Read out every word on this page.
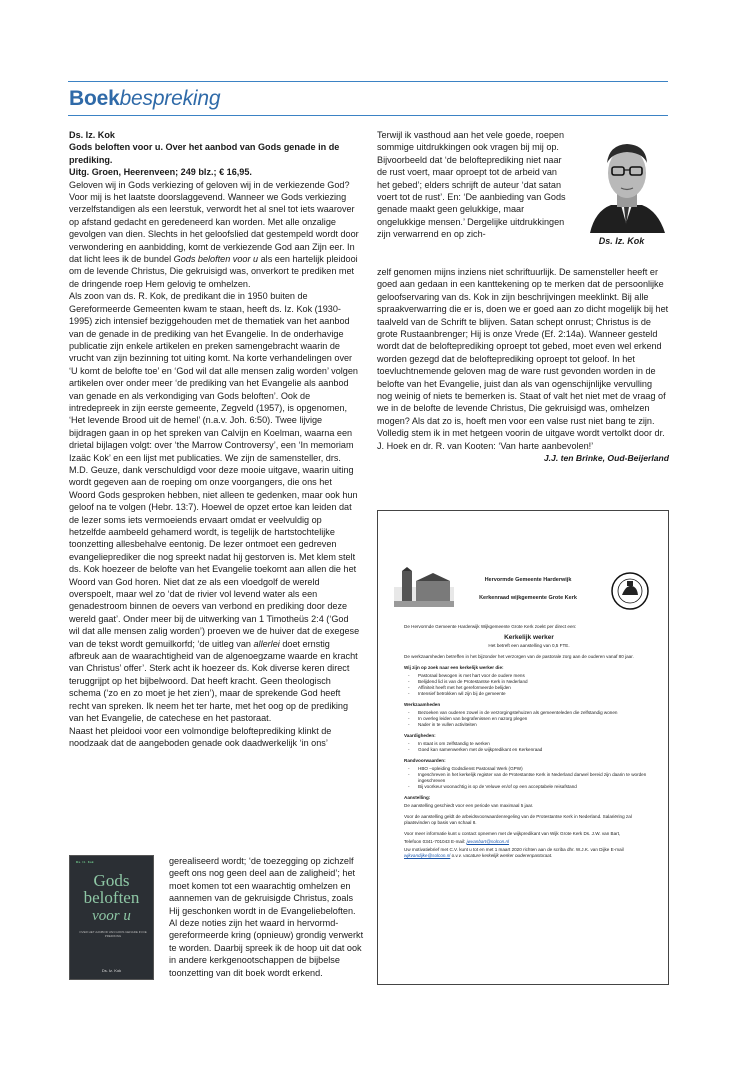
Boekbespreking

Ds. Iz. Kok

Gods beloften voor u. Over het aanbod van Gods genade in de prediking.

Uitg. Groen, Heerenveen; 249 blz.; € 16,95.

Geloven wij in Gods verkiezing of geloven wij in de verkiezende God? Voor mij is het laatste doorslaggevend. Wanneer we Gods verkiezing verzelfstandigen als een leerstuk, verwordt het al snel tot iets waarover op afstand gedacht en geredeneerd kan worden. Met alle onzalige gevolgen van dien. Slechts in het geloofslied dat gestempeld wordt door verwondering en aanbidding, komt de verkiezende God aan Zijn eer. In dat licht lees ik de bundel Gods beloften voor u als een hartelijk pleidooi om de levende Christus, Die gekruisigd was, onverkort te prediken met de dringende roep Hem gelovig te omhelzen.

Als zoon van ds. R. Kok, de predikant die in 1950 buiten de Gereformeerde Gemeenten kwam te staan, heeft ds. Iz. Kok (1930-1995) zich intensief beziggehouden met de thematiek van het aanbod van de genade in de prediking van het Evangelie. In de onderhavige publicatie zijn enkele artikelen en preken samengebracht waarin de vrucht van zijn bezinning tot uiting komt. Na korte verhandelingen over ‘U komt de belofte toe’ en ‘God wil dat alle mensen zalig worden’ volgen artikelen over onder meer ‘de prediking van het Evangelie als aanbod van genade en als verkondiging van Gods beloften’. Ook de intredepreek in zijn eerste gemeente, Zegveld (1957), is opgenomen, ‘Het levende Brood uit de hemel’ (n.a.v. Joh. 6:50). Twee lijvige bijdragen gaan in op het spreken van Calvijn en Koelman, waarna een drietal bijlagen volgt: over ‘the Marrow Controversy’, een ‘In memoriam Izaäc Kok’ en een lijst met publicaties. We zijn de samensteller, drs. M.D. Geuze, dank verschuldigd voor deze mooie uitgave, waarin uiting wordt gegeven aan de roeping om onze voorgangers, die ons het Woord Gods gesproken hebben, niet alleen te gedenken, maar ook hun geloof na te volgen (Hebr. 13:7). Hoewel de opzet ertoe kan leiden dat de lezer soms iets vermoeiends ervaart omdat er veelvuldig op hetzelfde aambeeld gehamerd wordt, is tegelijk de hartstochtelijke toonzetting allesbehalve eentonig. De lezer ontmoet een gedreven evangelieprediker die nog spreekt nadat hij gestorven is. Met klem stelt ds. Kok hoezeer de belofte van het Evangelie toekomt aan allen die het Woord van God horen. Niet dat ze als een vloedgolf de wereld overspoelt, maar wel zo ‘dat de rivier vol levend water als een genadestroom binnen de oevers van verbond en prediking door deze wereld gaat’. Onder meer bij de uitwerking van 1 Timotheüs 2:4 (‘God wil dat alle mensen zalig worden’) proeven we de huiver dat de exegese van de tekst wordt gemuilkorfd; ‘de uitleg van allerlei doet ernstig afbreuk aan de waarachtigheid van de algenoegzame waarde en kracht van Christus’ offer’. Sterk acht ik hoezeer ds. Kok diverse keren direct teruggrijpt op het bijbelwoord. Dat heeft kracht. Geen theologisch schema (‘zo en zo moet je het zien’), maar de sprekende God heeft recht van spreken. Ik neem het ter harte, met het oog op de prediking van het Evangelie, de catechese en het pastoraat.

Naast het pleidooi voor een volmondige belofteprediking klinkt de noodzaak dat de aangeboden genade ook daadwerkelijk ‘in ons’

Ds. Iz. Kok
Gods
beloften
voor u
OVER HET AANBOD VAN GODS GENADE IN DE PREDIKING
Ds. Iz. Kok
gerealiseerd wordt; ‘de toezegging op zichzelf geeft ons nog geen deel aan de zaligheid’; het moet komen tot een waarachtig omhelzen en aannemen van de gekruisigde Christus, zoals Hij geschonken wordt in de Evangeliebeloften. Al deze noties zijn het waard in hervormd-gereformeerde kring (opnieuw) grondig verwerkt te worden. Daarbij spreek ik de hoop uit dat ook in andere kerkgenootschappen de bijbelse toonzetting van dit boek wordt erkend.
Terwijl ik vasthoud aan het vele goede, roepen sommige uitdrukkingen ook vragen bij mij op. Bijvoorbeeld dat ‘de belofteprediking niet naar de rust voert, maar oproept tot de arbeid van het gebed’; elders schrijft de auteur ‘dat satan voert tot de rust’. En: ‘De aanbieding van Gods genade maakt geen gelukkige, maar ongelukkige mensen.’ Dergelijke uitdrukkingen zijn verwarrend en op zich-
Ds. Iz. Kok

zelf genomen mijns inziens niet schriftuurlijk. De samensteller heeft er goed aan gedaan in een kanttekening op te merken dat de persoonlijke geloofservaring van ds. Kok in zijn beschrijvingen meeklinkt. Bij alle spraakverwarring die er is, doen we er goed aan zo dicht mogelijk bij het taalveld van de Schrift te blijven. Satan schept onrust; Christus is de grote Rustaanbrenger; Hij is onze Vrede (Ef. 2:14a). Wanneer gesteld wordt dat de belofteprediking oproept tot gebed, moet even wel erkend worden gezegd dat de belofteprediking oproept tot geloof. In het toevluchtnemende geloven mag de ware rust gevonden worden in de belofte van het Evangelie, juist dan als van ogenschijnlijke vervulling nog weinig of niets te bemerken is. Staat of valt het niet met de vraag of we in de belofte de levende Christus, Die gekruisigd was, omhelzen mogen? Als dat zo is, hoeft men voor een valse rust niet bang te zijn.

Volledig stem ik in met hetgeen voorin de uitgave wordt vertolkt door dr. J. Hoek en dr. R. van Kooten: ‘Van harte aanbevolen!’

J.J. ten Brinke, Oud-Beijerland

Hervormde Gemeente Harderwijk
Kerkenraad wijkgemeente Grote Kerk

De Hervormde Gemeente Harderwijk Wijkgemeente Grote Kerk zoekt per direct een:

Kerkelijk werker

Het betreft een aanstelling van 0,5 FTE.

De werkzaamheden betreffen in het bijzonder het verzorgen van de pastorale zorg aan de ouderen vanaf 80 jaar.

Wij zijn op zoek naar een kerkelijk werker die:

- Pastoraal bewogen is met hart voor de oudere mens
- Belijdend lid is van de Protestantse Kerk in Nederland
- Affiniteit heeft met het gereformeerde belijden
- Intensief betrokken wil zijn bij de gemeente

Werkzaamheden

- Bezoeken van ouderen zowel in de verzorgingstehuizen als gemeenteleden die zelfstandig wonen
- In overleg leiden van begrafenissen en nazorg plegen
- Nader in te vullen activiteiten

Vaardigheden:

- In staat is om zelfstandig te werken
- Goed kan samenwerken met de wijkpredikant en Kerkenraad

Randvoorwaarden:

- HBO –opleiding Godsdienst Pastoraal Werk (GPW)
- Ingeschreven in het kerkelijk register van de Protestantse Kerk in Nederland danwel bereid zijn daarin te worden ingeschreven
- Bij voorkeur woonachtig is op de Veluwe en/of op een acceptabele reisafstand

Aanstelling:

De aanstelling geschiedt voor een periode van maximaal 5 jaar.

Voor de aanstelling geldt de arbeidsvoorwaardenregeling van de Protestantse Kerk in Nederland. Salariëring zal plaatsvinden op basis van schaal 8.

Voor meer informatie kunt u contact opnemen met de wijkpredikant van Wijk Grote Kerk Ds. J.W. van Bart,

Telefoon 0341-701043 E-mail: jwvanbart@solcon.nl

Uw motivatiebrief met C.V. kunt u tot en met 1 maart 2020 richten aan de scriba dhr. W.J.K. van Dijke E-mail wjkvandijke@solcon.nl o.v.v. vacature kerkelijk werker ouderenpastoraat.
